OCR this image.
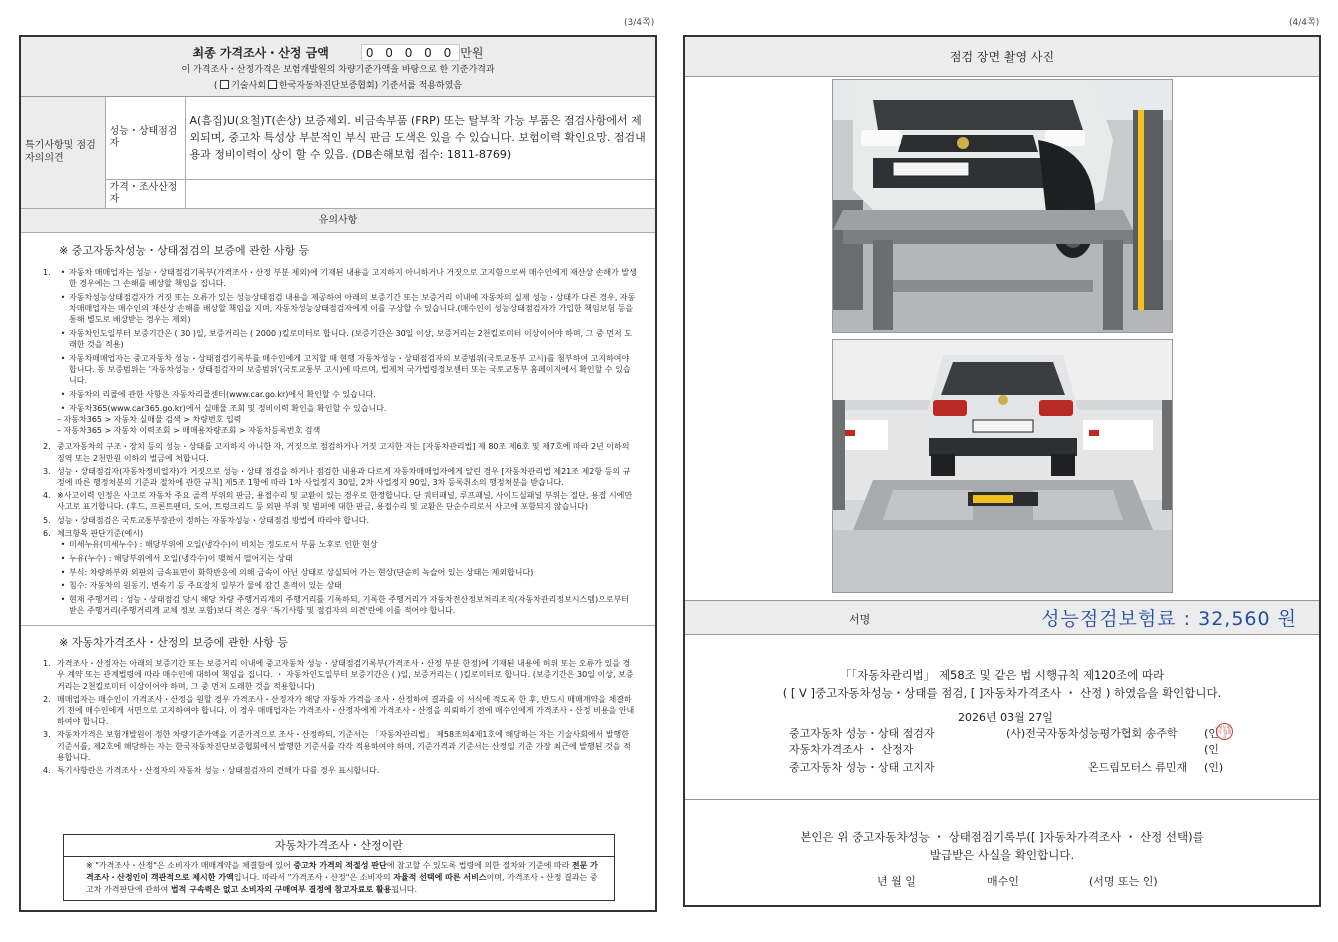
(3/4쪽)	(4/4쪽)
최종 가격조사・산정 금액	0 0 0 0 0 만원
이 가격조사・산정가격은 보험개발원의 차량기준가액을 바탕으로 한 기준가격과
( 기술사회 한국자동차진단보증협회) 기준서를 적용하였음
특기사항및 점검자의의견	성능・상태점검자	A(흠집)U(요철)T(손상) 보증제외. 비금속부품 (FRP) 또는 탈부착 가능 부품은 점검사항에서 제외되며, 중고차 특성상 부분적인 부식 판금 도색은 있을 수 있습니다. 보험이력 확인요망. 점검내용과 정비이력이 상이 할 수 있음. (DB손해보험 접수: 1811-8769)
	가격・조사산정자	
유의사항
※ 중고자동차성능・상태점검의 보증에 관한 사항 등
1.	• 자동차 매매업자는 성능・상태점검기록부(가격조사・산정 부분 제외)에 기재된 내용을 고지하지 아니하거나 거짓으로 고지함으로써 매수인에게 재산상 손해가 발생한 경우에는 그 손해를 배상할 책임을 집니다.
• 자동차성능상태점검자가 거짓 또는 오류가 있는 성능상태점검 내용을 제공하여 아래의 보증기간 또는 보증거리 이내에 자동차의 실제 성능・상태가 다른 경우, 자동차매매업자는 매수인의 재산상 손해를 배상할 책임을 지며, 자동차성능상태점검자에게 이를 구상할 수 있습니다.(매수인이 성능상태점검자가 가입한 책임보험 등을 통해 별도로 배상받는 경우는 제외)
• 자동차인도일부터 보증기간은 ( 30 )일, 보증거리는 ( 2000 )킬로미터로 합니다. (보증기간은 30일 이상, 보증거리는 2천킬로미터 이상이어야 하며, 그 중 먼저 도래한 것을 적용)
• 자동차매매업자는 중고자동차 성능・상태점검기록부를 매수인에게 고지할 때 현행 자동차성능・상태점검자의 보증범위(국토교통부 고시)를 첨부하여 고지하여야 합니다. 동 보증범위는 '자동차성능・상태점검자의 보증범위'(국토교통부 고시)에 따르며, 법제처 국가법령정보센터 또는 국토교통부 홈페이지에서 확인할 수 있습니다.
• 자동차의 리콜에 관한 사항은 자동차리콜센터(www.car.go.kr)에서 확인할 수 있습니다.
• 자동차365(www.car365.go.kr)에서 실매물 조회 및 정비이력 확인을 확인할 수 있습니다.
– 자동차365 > 자동차 실매물 검색 > 차량번호 입력
– 자동차365 > 자동차 이력조회 > 매매용차량조회 > 자동차등록번호 검색
2. 중고자동차의 구조・장치 등의 성능・상태를 고지하지 아니한 자, 거짓으로 점검하거나 거짓 고지한 자는 [자동차관리법] 제 80조 제6호 및 제7호에 따라 2년 이하의 징역 또는 2천만원 이하의 벌금에 처합니다.
3. 성능・상태점검자(자동차정비업자)가 거짓으로 성능・상태 점검을 하거나 점검한 내용과 다르게 자동차매매업자에게 알린 경우 [자동차관리법 제21조 제2항 등의 규정에 따른 행정처분의 기준과 절차에 관한 규칙] 제5조 1항에 따라 1차 사업정지 30일, 2차 사업정지 90일, 3차 등록취소의 행정처분을 받습니다.
4. ※사고이력 인정은 사고로 자동차 주요 골격 부위의 판금, 용접수리 및 교환이 있는 경우로 한정합니다. 단 쿼터패널, 루프패널, 사이드실패널 부위는 절단, 용접 시에만 사고로 표기합니다. (후드, 프론트펜더, 도어, 트렁크리드 등 외판 부위 및 범퍼에 대한 판금, 용접수리 및 교환은 단순수리로서 사고에 포함되지 않습니다)
5. 성능・상태점검은 국토교통부장관이 정하는 자동차성능・상태점검 방법에 따라야 합니다.
6. 체크항목 판단기준(예시)
• 미세누유(미세누수) : 해당부위에 오일(냉각수)이 비치는 정도로서 부품 노후로 인한 현상
• 누유(누수) : 해당부위에서 오일(냉각수)이 맺혀서 떨어지는 상태
• 부식: 차량하부와 외판의 금속표면이 화학반응에 의해 금속이 아닌 상태로 상실되어 가는 현상(단순히 녹슬어 있는 상태는 제외합니다)
• 침수: 자동차의 원동기, 변속기 등 주요장치 일부가 물에 잠긴 흔적이 있는 상태
• 현재 주행거리 : 성능・상태점검 당시 해당 차량 주행거리계의 주행거리를 기록하되, 기록한 주행거리가 자동차전산정보처리조직(자동차관리정보시스템)으로부터 받은 주행거리(주행거리계 교체 정보 포함)보다 적은 경우 '특기사항 및 점검자의 의견'란에 이를 적어야 합니다.
※ 자동차가격조사・산정의 보증에 관한 사항 등
1. 가격조사・산정자는 아래의 보증기간 또는 보증거리 이내에 중고자동차 성능・상태점검기록부(가격조사・산정 부분 한정)에 기재된 내용에 허위 또는 오류가 있을 경우 계약 또는 관계법령에 따라 매수인에 대하여 책임을 집니다. ・ 자동차인도일부터 보증기간은 ( )일, 보증거리는 ( )킬로미터로 합니다. (보증기간은 30일 이상, 보증거리는 2천킬로미터 이상이어야 하며, 그 중 먼저 도래한 것을 적용합니다)
2. 매매업자는 매수인이 가격조사・산정을 원할 경우 가격조사・산정자가 해당 자동차 가격을 조사・산정하여 결과를 이 서식에 적도록 한 후, 반드시 매매계약을 체결하기 전에 매수인에게 서면으로 고지하여야 합니다. 이 경우 매매업자는 가격조사・산정자에게 가격조사・산정을 의뢰하기 전에 매수인에게 가격조사・산정 비용을 안내하여야 합니다.
3. 자동차가격은 보험개발원이 정한 차량기준가액을 기준가격으로 조사・산정하되, 기준서는 「자동차관리법」 제58조의4제1호에 해당하는 자는 기술사회에서 발행한 기준서를, 제2호에 해당하는 자는 한국자동차진단보증협회에서 발행한 기준서를 각각 적용하여야 하며, 기준가격과 기준서는 산정일 기준 가장 최근에 발행된 것을 적용합니다.
4. 특기사항란은 가격조사・산정자의 자동차 성능・상태점검자의 견해가 다를 경우 표시합니다.
자동차가격조사・산정이란
※ "가격조사・산정"은 소비자가 매매계약을 체결함에 있어 중고차 가격의 적절성 판단에 참고할 수 있도록 법령에 의한 절차와 기준에 따라 전문 가격조사・산정인이 객관적으로 제시한 가액입니다. 따라서 "가격조사・산정"은 소비자의 자율적 선택에 따른 서비스이며, 가격조사・산정 결과는 중고차 가격판단에 관하여 법적 구속력은 없고 소비자의 구매여부 결정에 참고자료로 활용됩니다.
점검 장면 촬영 사진
서명	성능점검보험료 : 32,560 원
「「자동차관리법」 제58조 및 같은 법 시행규칙 제120조에 따라
( [ V ]중고자동차성능・상태를 점검, [ ]자동차가격조사 ・ 산정 ) 하였음을 확인합니다.
2026년 03월 27일
중고자동차 성능・상태 점검자	(사)전국자동차성능평가협회 송주학 (인 성능평가 협회인
자동차가격조사 ・ 산정자	(인
중고자동차 성능・상태 고지자	온드림모터스 류민재 (인)
본인은 위 중고자동차성능 ・ 상태점검기록부([ ]자동차가격조사 ・ 산정 선택)를
발급받은 사실을 확인합니다.
년 월 일	매수인	(서명 또는 인)
